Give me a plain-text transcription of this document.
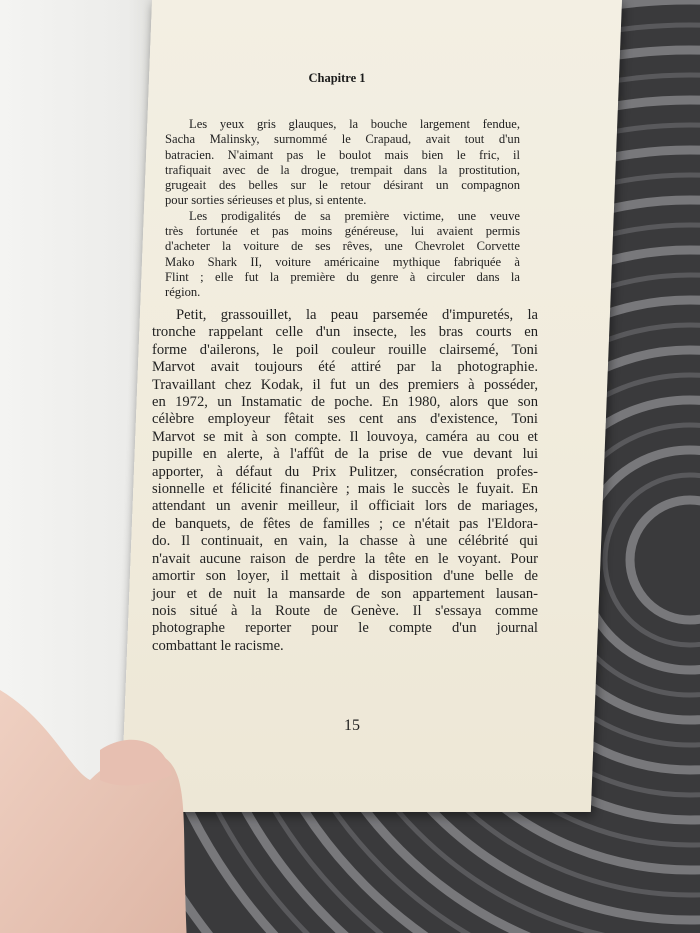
Chapitre 1

Les yeux gris glauques, la bouche largement fendue,
Sacha Malinsky, surnommé le Crapaud, avait tout d'un
batracien. N'aimant pas le boulot mais bien le fric, il
trafiquait avec de la drogue, trempait dans la prostitution,
grugeait des belles sur le retour désirant un compagnon
pour sorties sérieuses et plus, si entente.

Les prodigalités de sa première victime, une veuve
très fortunée et pas moins généreuse, lui avaient permis
d'acheter la voiture de ses rêves, une Chevrolet Corvette
Mako Shark II, voiture américaine mythique fabriquée à
Flint ; elle fut la première du genre à circuler dans la
région.

Petit, grassouillet, la peau parsemée d'impuretés, la
tronche rappelant celle d'un insecte, les bras courts en
forme d'ailerons, le poil couleur rouille clairsemé, Toni
Marvot avait toujours été attiré par la photographie.
Travaillant chez Kodak, il fut un des premiers à posséder,
en 1972, un Instamatic de poche. En 1980, alors que son
célèbre employeur fêtait ses cent ans d'existence, Toni
Marvot se mit à son compte. Il louvoya, caméra au cou et
pupille en alerte, à l'affût de la prise de vue devant lui
apporter, à défaut du Prix Pulitzer, consécration profes-
sionnelle et félicité financière ; mais le succès le fuyait. En
attendant un avenir meilleur, il officiait lors de mariages,
de banquets, de fêtes de familles ; ce n'était pas l'Eldora-
do. Il continuait, en vain, la chasse à une célébrité qui
n'avait aucune raison de perdre la tête en le voyant. Pour
amortir son loyer, il mettait à disposition d'une belle de
jour et de nuit la mansarde de son appartement lausan-
nois situé à la Route de Genève. Il s'essaya comme
photographe reporter pour le compte d'un journal
combattant le racisme.

15
